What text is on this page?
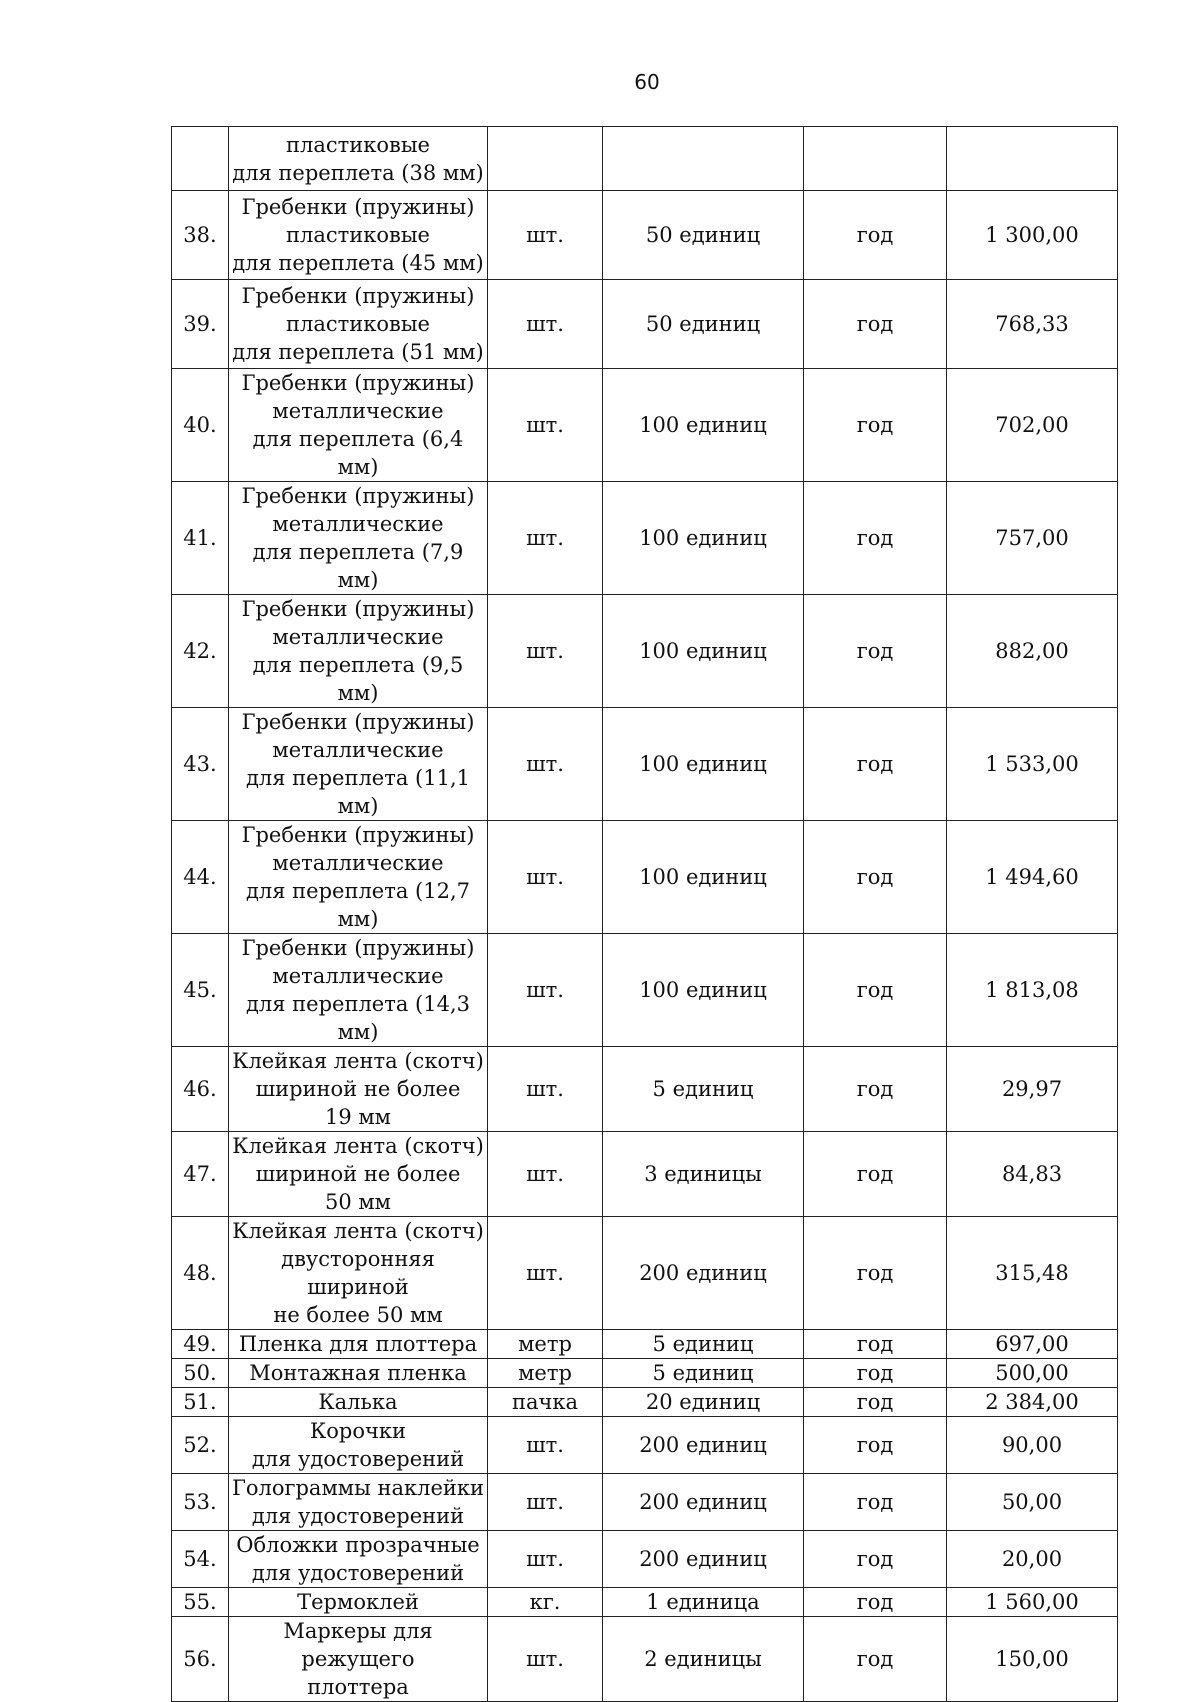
60
	пластиковые
для переплета (38 мм)				
38.	Гребенки (пружины)
пластиковые
для переплета (45 мм)	шт.	50 единиц	год	1 300,00
39.	Гребенки (пружины)
пластиковые
для переплета (51 мм)	шт.	50 единиц	год	768,33
40.	Гребенки (пружины)
металлические
для переплета (6,4 мм)	шт.	100 единиц	год	702,00
41.	Гребенки (пружины)
металлические
для переплета (7,9 мм)	шт.	100 единиц	год	757,00
42.	Гребенки (пружины)
металлические
для переплета (9,5 мм)	шт.	100 единиц	год	882,00
43.	Гребенки (пружины)
металлические
для переплета (11,1 мм)	шт.	100 единиц	год	1 533,00
44.	Гребенки (пружины)
металлические
для переплета (12,7 мм)	шт.	100 единиц	год	1 494,60
45.	Гребенки (пружины)
металлические
для переплета (14,3 мм)	шт.	100 единиц	год	1 813,08
46.	Клейкая лента (скотч)
шириной не более
19 мм	шт.	5 единиц	год	29,97
47.	Клейкая лента (скотч)
шириной не более
50 мм	шт.	3 единицы	год	84,83
48.	Клейкая лента (скотч)
двусторонняя шириной
не более 50 мм	шт.	200 единиц	год	315,48
49.	Пленка для плоттера	метр	5 единиц	год	697,00
50.	Монтажная пленка	метр	5 единиц	год	500,00
51.	Калька	пачка	20 единиц	год	2 384,00
52.	Корочки
для удостоверений	шт.	200 единиц	год	90,00
53.	Голограммы наклейки
для удостоверений	шт.	200 единиц	год	50,00
54.	Обложки прозрачные
для удостоверений	шт.	200 единиц	год	20,00
55.	Термоклей	кг.	1 единица	год	1 560,00
56.	Маркеры для режущего
плоттера	шт.	2 единицы	год	150,00
